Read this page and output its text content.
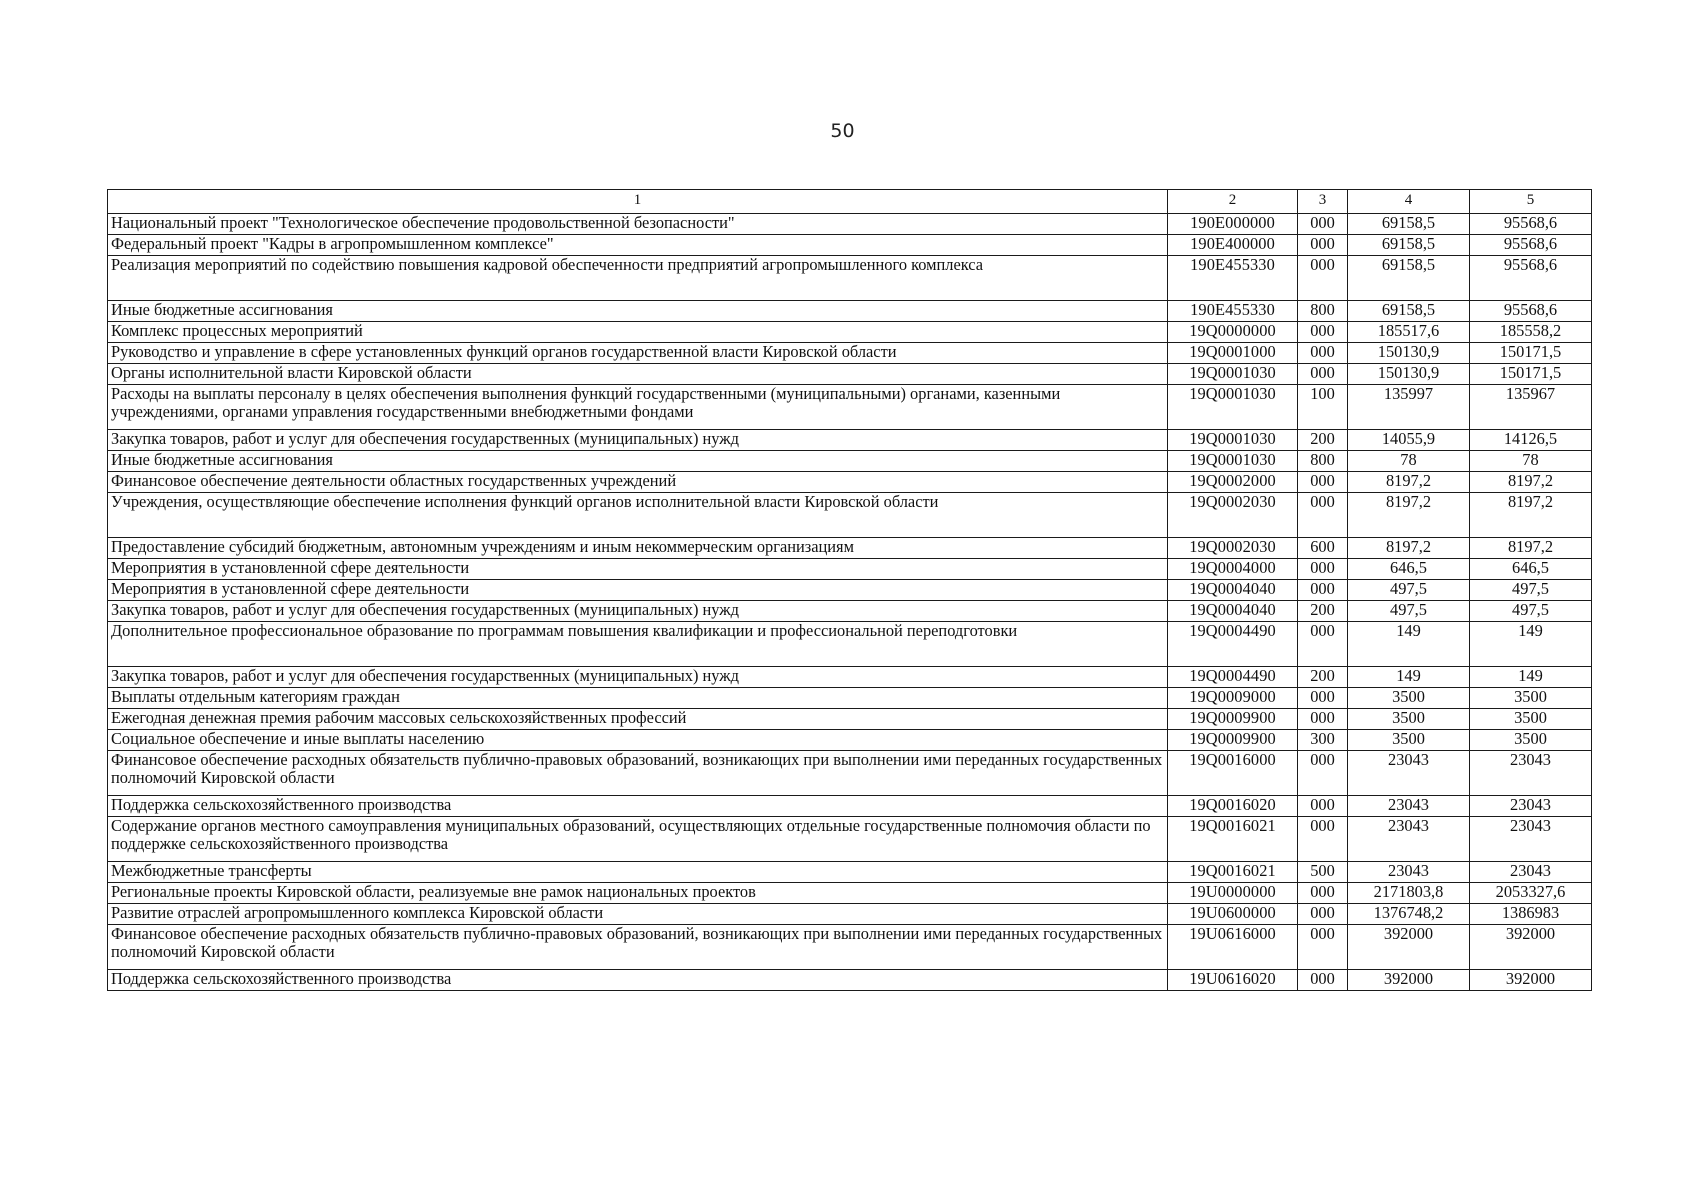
50
1	2	3	4	5
Национальный проект "Технологическое обеспечение продовольственной безопасности"	190E000000	000	69158,5	95568,6
Федеральный проект "Кадры в агропромышленном комплексе"	190E400000	000	69158,5	95568,6
Реализация мероприятий по содействию повышения кадровой обеспеченности предприятий агропромышленного комплекса	190E455330	000	69158,5	95568,6
Иные бюджетные ассигнования	190E455330	800	69158,5	95568,6
Комплекс процессных мероприятий	19Q0000000	000	185517,6	185558,2
Руководство и управление в сфере установленных функций органов государственной власти Кировской области	19Q0001000	000	150130,9	150171,5
Органы исполнительной власти Кировской области	19Q0001030	000	150130,9	150171,5
Расходы на выплаты персоналу в целях обеспечения выполнения функций государственными (муниципальными) органами, казенными учреждениями, органами управления государственными внебюджетными фондами	19Q0001030	100	135997	135967
Закупка товаров, работ и услуг для обеспечения государственных (муниципальных) нужд	19Q0001030	200	14055,9	14126,5
Иные бюджетные ассигнования	19Q0001030	800	78	78
Финансовое обеспечение деятельности областных государственных учреждений	19Q0002000	000	8197,2	8197,2
Учреждения, осуществляющие обеспечение исполнения функций органов исполнительной власти Кировской области	19Q0002030	000	8197,2	8197,2
Предоставление субсидий бюджетным, автономным учреждениям и иным некоммерческим организациям	19Q0002030	600	8197,2	8197,2
Мероприятия в установленной сфере деятельности	19Q0004000	000	646,5	646,5
Мероприятия в установленной сфере деятельности	19Q0004040	000	497,5	497,5
Закупка товаров, работ и услуг для обеспечения государственных (муниципальных) нужд	19Q0004040	200	497,5	497,5
Дополнительное профессиональное образование по программам повышения квалификации и профессиональной переподготовки	19Q0004490	000	149	149
Закупка товаров, работ и услуг для обеспечения государственных (муниципальных) нужд	19Q0004490	200	149	149
Выплаты отдельным категориям граждан	19Q0009000	000	3500	3500
Ежегодная денежная премия рабочим массовых сельскохозяйственных профессий	19Q0009900	000	3500	3500
Социальное обеспечение и иные выплаты населению	19Q0009900	300	3500	3500
Финансовое обеспечение расходных обязательств публично-правовых образований, возникающих при выполнении ими переданных государственных полномочий Кировской области	19Q0016000	000	23043	23043
Поддержка сельскохозяйственного производства	19Q0016020	000	23043	23043
Содержание органов местного самоуправления муниципальных образований, осуществляющих отдельные государственные полномочия области по поддержке сельскохозяйственного производства	19Q0016021	000	23043	23043
Межбюджетные трансферты	19Q0016021	500	23043	23043
Региональные проекты Кировской области, реализуемые вне рамок национальных проектов	19U0000000	000	2171803,8	2053327,6
Развитие отраслей агропромышленного комплекса Кировской области	19U0600000	000	1376748,2	1386983
Финансовое обеспечение расходных обязательств публично-правовых образований, возникающих при выполнении ими переданных государственных полномочий Кировской области	19U0616000	000	392000	392000
Поддержка сельскохозяйственного производства	19U0616020	000	392000	392000
